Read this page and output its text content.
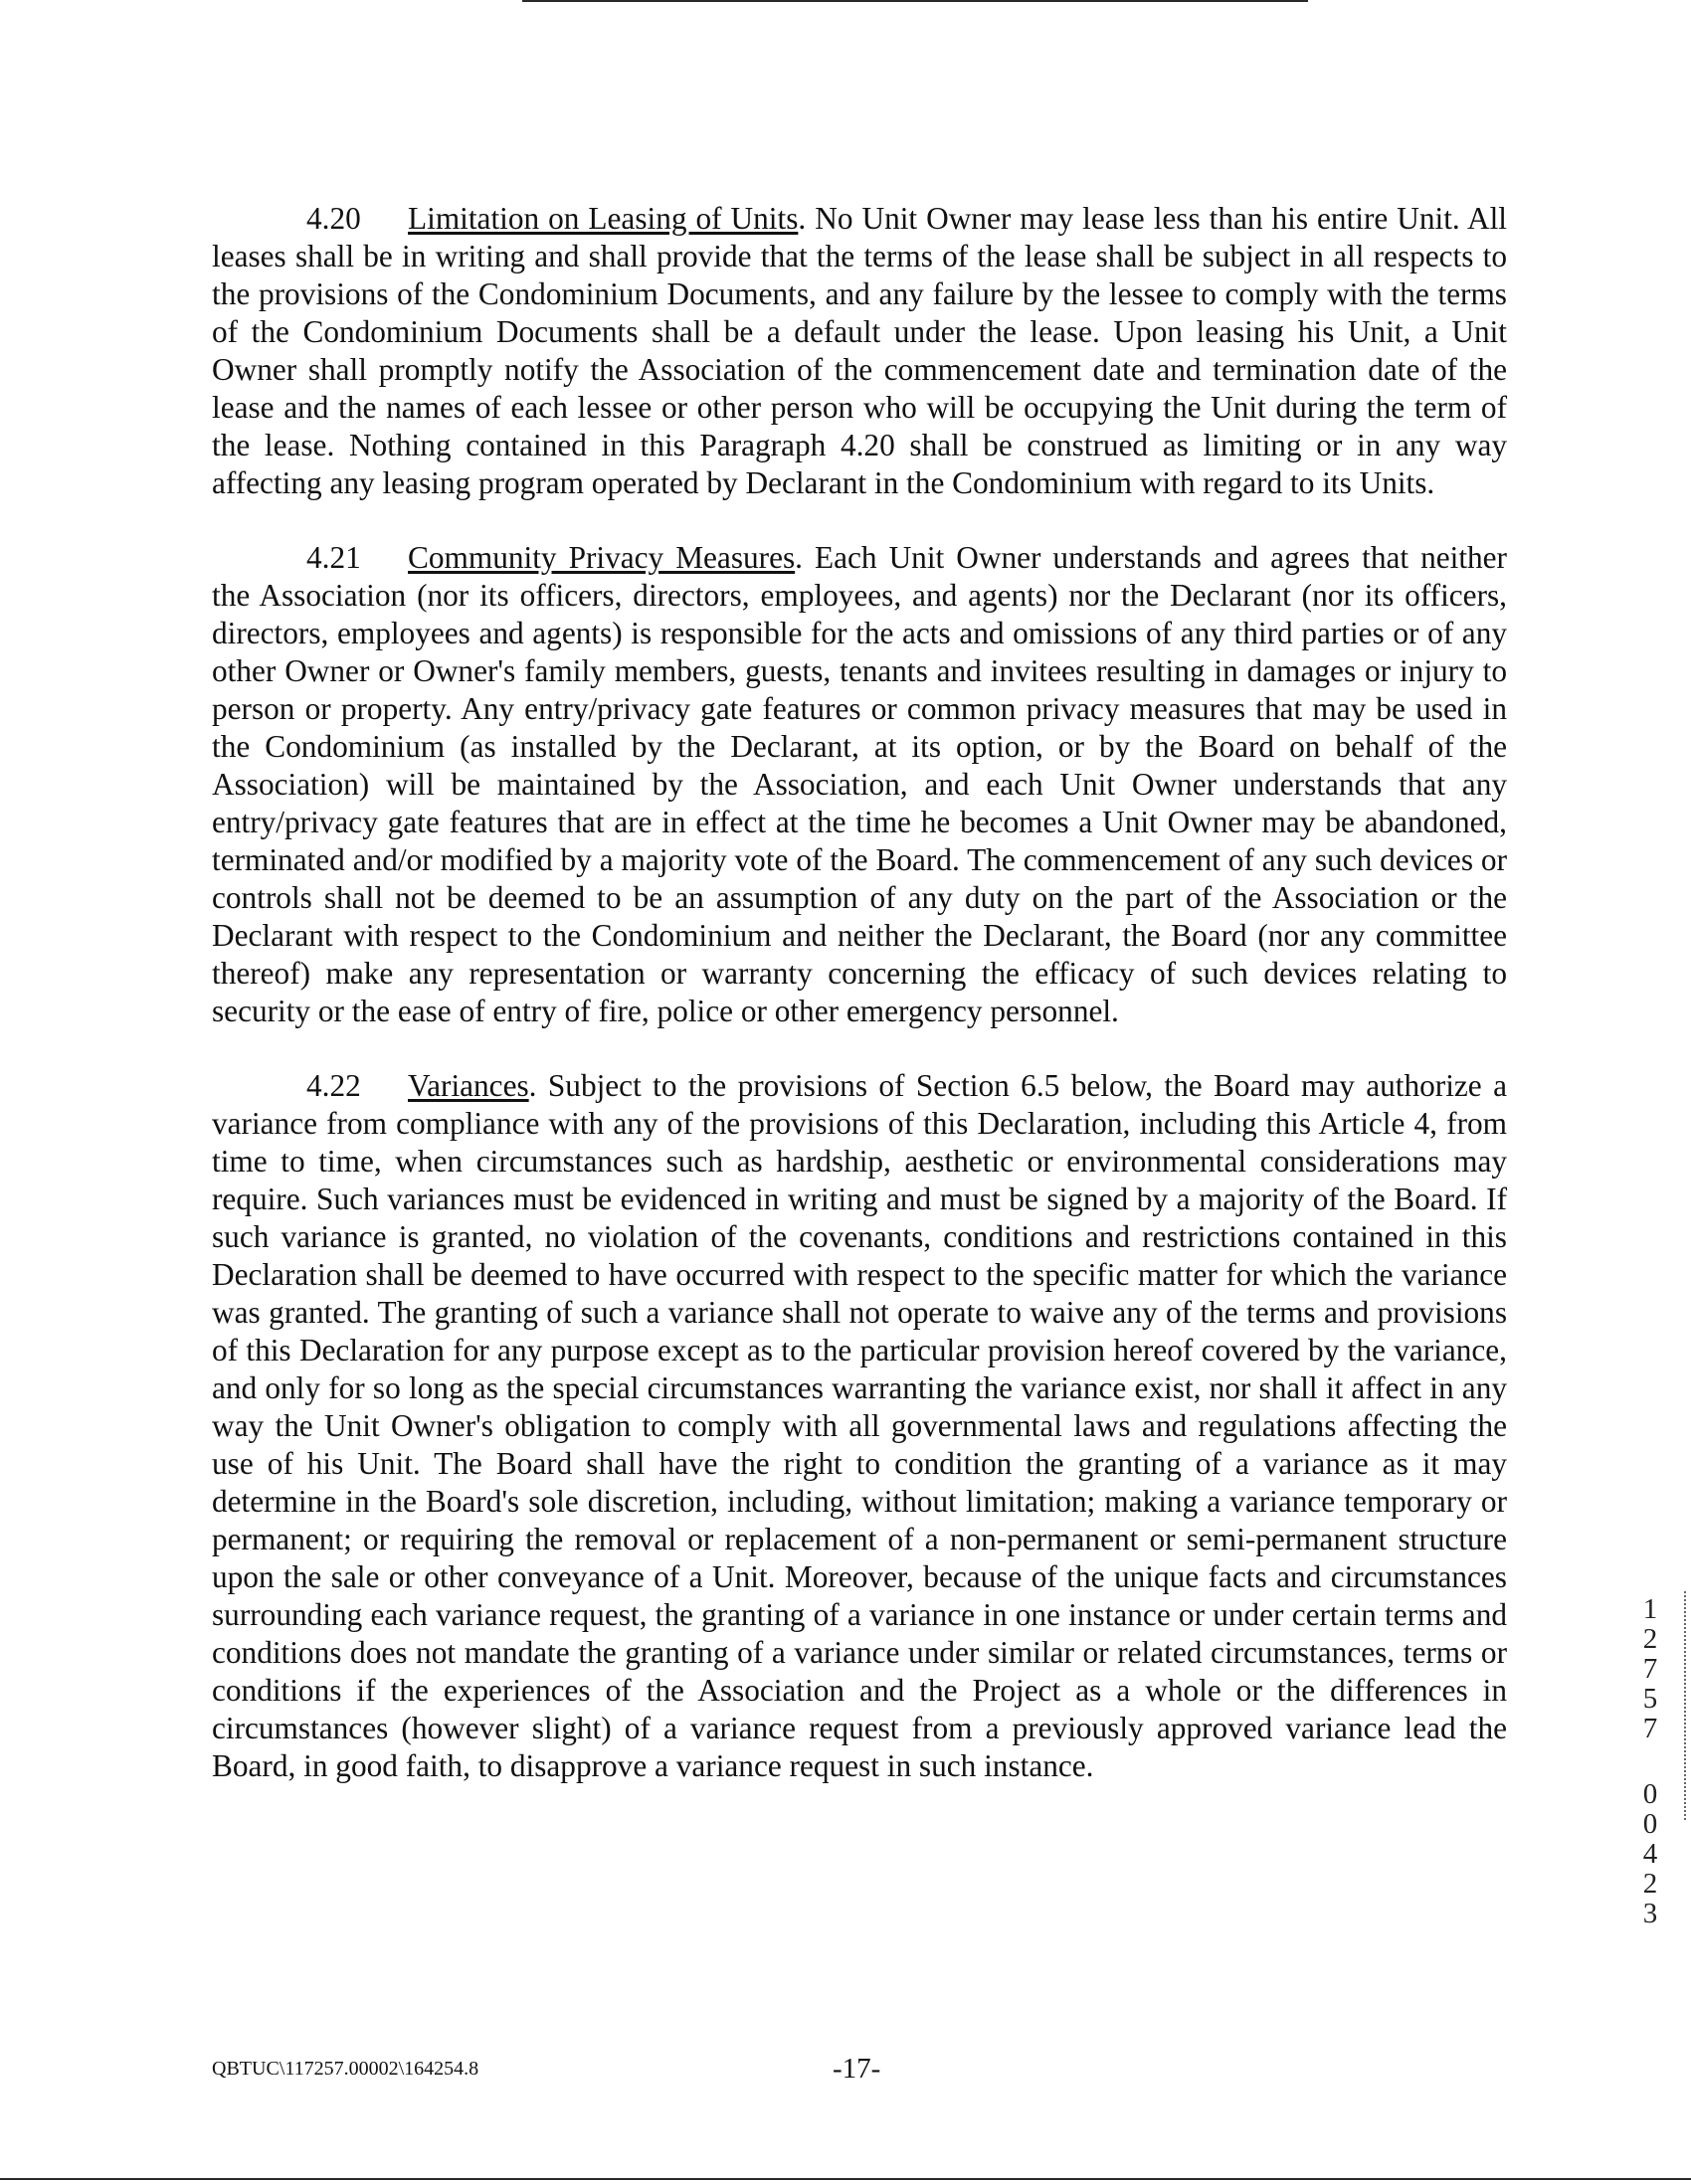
4.20 Limitation on Leasing of Units. No Unit Owner may lease less than his entire Unit. All leases shall be in writing and shall provide that the terms of the lease shall be subject in all respects to the provisions of the Condominium Documents, and any failure by the lessee to comply with the terms of the Condominium Documents shall be a default under the lease. Upon leasing his Unit, a Unit Owner shall promptly notify the Association of the commencement date and termination date of the lease and the names of each lessee or other person who will be occupying the Unit during the term of the lease. Nothing contained in this Paragraph 4.20 shall be construed as limiting or in any way affecting any leasing program operated by Declarant in the Condominium with regard to its Units.

4.21 Community Privacy Measures. Each Unit Owner understands and agrees that neither the Association (nor its officers, directors, employees, and agents) nor the Declarant (nor its officers, directors, employees and agents) is responsible for the acts and omissions of any third parties or of any other Owner or Owner's family members, guests, tenants and invitees resulting in damages or injury to person or property. Any entry/privacy gate features or common privacy measures that may be used in the Condominium (as installed by the Declarant, at its option, or by the Board on behalf of the Association) will be maintained by the Association, and each Unit Owner understands that any entry/privacy gate features that are in effect at the time he becomes a Unit Owner may be abandoned, terminated and/or modified by a majority vote of the Board. The commencement of any such devices or controls shall not be deemed to be an assumption of any duty on the part of the Association or the Declarant with respect to the Condominium and neither the Declarant, the Board (nor any committee thereof) make any representation or warranty concerning the efficacy of such devices relating to security or the ease of entry of fire, police or other emergency personnel.

4.22 Variances. Subject to the provisions of Section 6.5 below, the Board may authorize a variance from compliance with any of the provisions of this Declaration, including this Article 4, from time to time, when circumstances such as hardship, aesthetic or environmental considerations may require. Such variances must be evidenced in writing and must be signed by a majority of the Board. If such variance is granted, no violation of the covenants, conditions and restrictions contained in this Declaration shall be deemed to have occurred with respect to the specific matter for which the variance was granted. The granting of such a variance shall not operate to waive any of the terms and provisions of this Declaration for any purpose except as to the particular provision hereof covered by the variance, and only for so long as the special circumstances warranting the variance exist, nor shall it affect in any way the Unit Owner's obligation to comply with all governmental laws and regulations affecting the use of his Unit. The Board shall have the right to condition the granting of a variance as it may determine in the Board's sole discretion, including, without limitation; making a variance temporary or permanent; or requiring the removal or replacement of a non-permanent or semi-permanent structure upon the sale or other conveyance of a Unit. Moreover, because of the unique facts and circumstances surrounding each variance request, the granting of a variance in one instance or under certain terms and conditions does not mandate the granting of a variance under similar or related circumstances, terms or conditions if the experiences of the Association and the Project as a whole or the differences in circumstances (however slight) of a variance request from a previously approved variance lead the Board, in good faith, to disapprove a variance request in such instance.

1
2
7
5
7
0
0
4
2
3
QBTUC\117257.00002\164254.8	-17-
